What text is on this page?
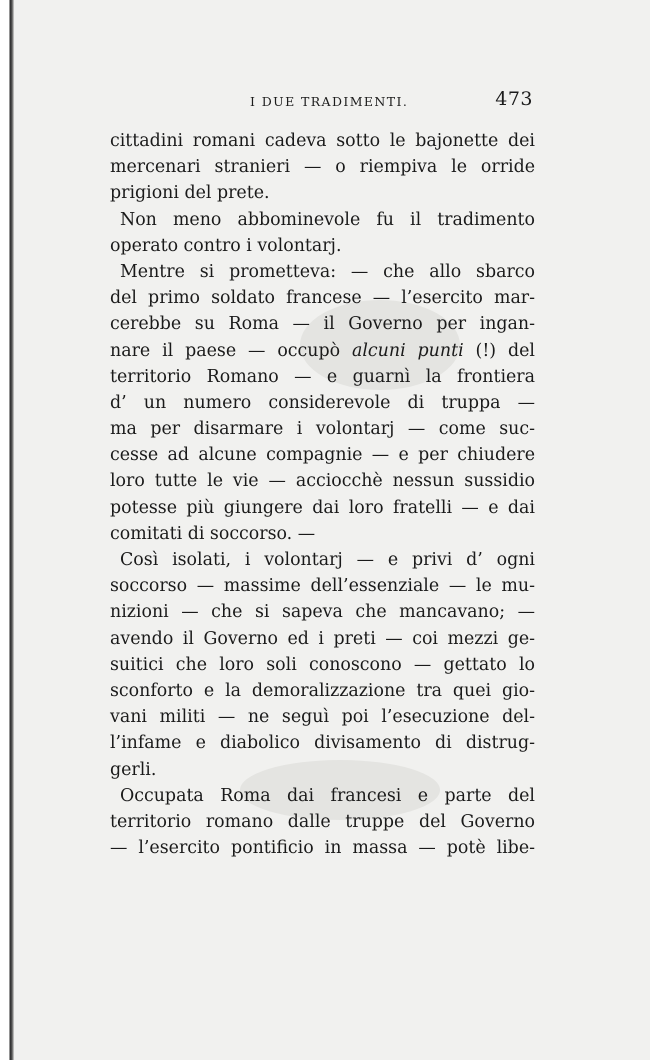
I DUE TRADIMENTI.	473
cittadini romani cadeva sotto le bajonette dei
mercenari stranieri — o riempiva le orride
prigioni del prete.
Non meno abbominevole fu il tradimento
operato contro i volontarj.
Mentre si prometteva: — che allo sbarco
del primo soldato francese — l’esercito mar-
cerebbe su Roma — il Governo per ingan-
nare il paese — occupò alcuni punti (!) del
territorio Romano — e guarnì la frontiera
d’ un numero considerevole di truppa —
ma per disarmare i volontarj — come suc-
cesse ad alcune compagnie — e per chiudere
loro tutte le vie — acciocchè nessun sussidio
potesse più giungere dai loro fratelli — e dai
comitati di soccorso. —
Così isolati, i volontarj — e privi d’ ogni
soccorso — massime dell’essenziale — le mu-
nizioni — che si sapeva che mancavano; —
avendo il Governo ed i preti — coi mezzi ge-
suitici che loro soli conoscono — gettato lo
sconforto e la demoralizzazione tra quei gio-
vani militi — ne seguì poi l’esecuzione del-
l’infame e diabolico divisamento di distrug-
gerli.
Occupata Roma dai francesi e parte del
territorio romano dalle truppe del Governo
— l’esercito pontificio in massa — potè libe-
